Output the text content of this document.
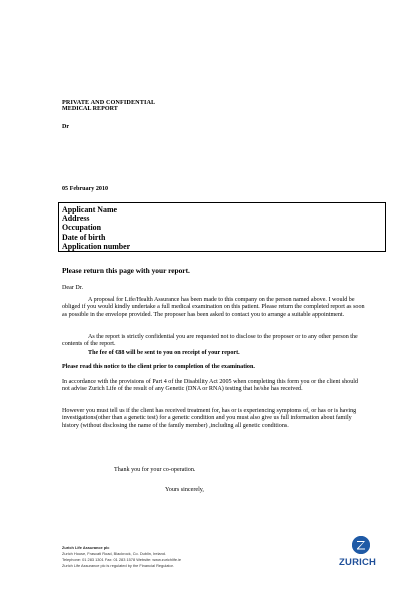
PRIVATE AND CONFIDENTIAL
MEDICAL REPORT
Dr
05 February 2010
Applicant Name
Address
Occupation
Date of birth
Application number
Please return this page with your report.
Dear Dr.
A proposal for Life/Health Assurance has been made to this company on the person named above. I would be obliged if you would kindly undertake a full medical examination on this patient. Please return the completed report as soon as possible in the envelope provided. The proposer has been asked to contact you to arrange a suitable appointment.
As the report is strictly confidential you are requested not to disclose to the proposer or to any other person the contents of the report.
The fee of €88 will be sent to you on receipt of your report.
Please read this notice to the client prior to completion of the examination.
In accordance with the provisions of Part 4 of the Disability Act 2005 when completing this form you or the client should not advise Zurich Life of the result of any Genetic (DNA or RNA) testing that he/she has received.
However you must tell us if the client has received treatment for, has or is experiencing symptoms of, or has or is having investigations(other than a genetic test) for a genetic condition and you must also give us full information about family history (without disclosing the name of the family member) ,including all genetic conditions.
Thank you for your co-operation.
Yours sincerely,
Zurich Life Assurance plc
Zurich House, Frascati Road, Blackrock, Co. Dublin, Ireland.
Telephone: 01 283 1301 Fax: 01 283 1578 Website: www.zurichlife.ie
Zurich Life Assurance plc is regulated by the Financial Regulator.	ZURICH
